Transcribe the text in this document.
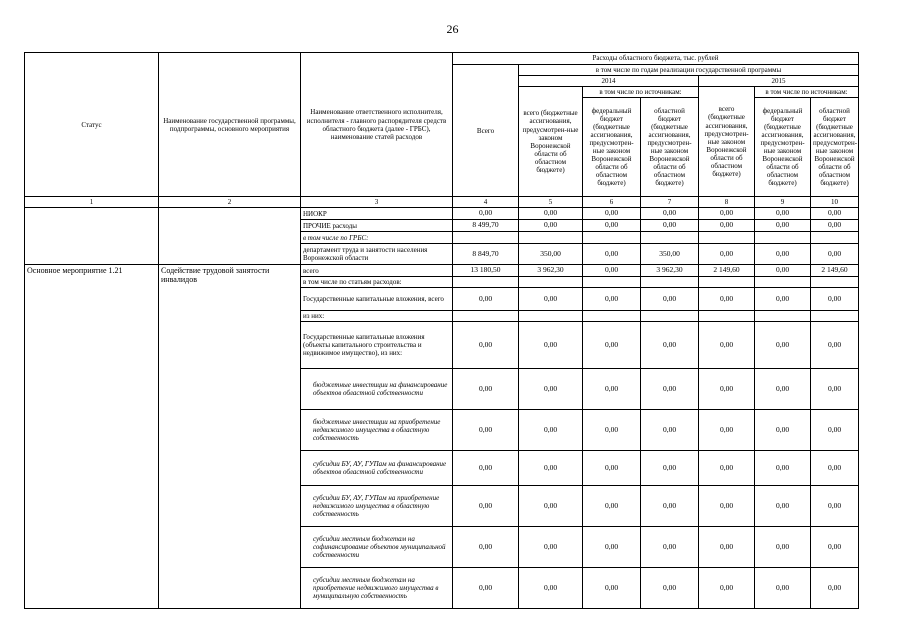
26
Статус	Наименование государственной программы, подпрограммы, основного мероприятия	Наименование ответственного исполнителя, исполнителя - главного распорядителя средств областного бюджета (далее - ГРБС), наименование статей расходов	Расходы областного бюджета, тыс. рублей						
			Всего	в том числе по годам реализации государственной программы					
				2014			2015		
				всего (бюджетные ассигнования, предусмотрен-ные законом Воронежской области об областном бюджете)	в том числе по источникам:		всего (бюджетные ассигнования, предусмотрен-ные законом Воронежской области об областном бюджете)	в том числе по источникам:	
					федеральный бюджет (бюджетные ассигнования, предусмотрен-ные законом Воронежской области об областном бюджете)	областной бюджет (бюджетные ассигнования, предусмотрен-ные законом Воронежской области об областном бюджете)		федеральный бюджет (бюджетные ассигнования, предусмотрен-ные законом Воронежской области об областном бюджете)	областной бюджет (бюджетные ассигнования, предусмотрен-ные законом Воронежской области об областном бюджете)
1	2	3	4	5	6	7	8	9	10
		НИОКР	0,00	0,00	0,00	0,00	0,00	0,00	0,00
		ПРОЧИЕ расходы	8 499,70	0,00	0,00	0,00	0,00	0,00	0,00
		в том числе по ГРБС:							
		департамент труда и занятости населения Воронежской области	8 849,70	350,00	0,00	350,00	0,00	0,00	0,00
Основное мероприятие 1.21	Содействие трудовой занятости инвалидов	всего	13 180,50	3 962,30	0,00	3 962,30	2 149,60	0,00	2 149,60
		в том числе по статьям расходов:							
		Государственные капитальные вложения, всего	0,00	0,00	0,00	0,00	0,00	0,00	0,00
		из них:							
		Государственные капитальные вложения (объекты капитального строительства и недвижимое имущество), из них:	0,00	0,00	0,00	0,00	0,00	0,00	0,00
		бюджетные инвестиции на финансирование объектов областной собственности	0,00	0,00	0,00	0,00	0,00	0,00	0,00
		бюджетные инвестиции на приобретение недвижимого имущества в областную собственность	0,00	0,00	0,00	0,00	0,00	0,00	0,00
		субсидии БУ, АУ, ГУПам на финансирование объектов областной собственности	0,00	0,00	0,00	0,00	0,00	0,00	0,00
		субсидии БУ, АУ, ГУПам на приобретение недвижимого имущества в областную собственность	0,00	0,00	0,00	0,00	0,00	0,00	0,00
		субсидии местным бюджетам на софинансирование объектов муниципальной собственности	0,00	0,00	0,00	0,00	0,00	0,00	0,00
		субсидии местным бюджетам на приобретение недвижимого имущества в муниципальную собственность	0,00	0,00	0,00	0,00	0,00	0,00	0,00
